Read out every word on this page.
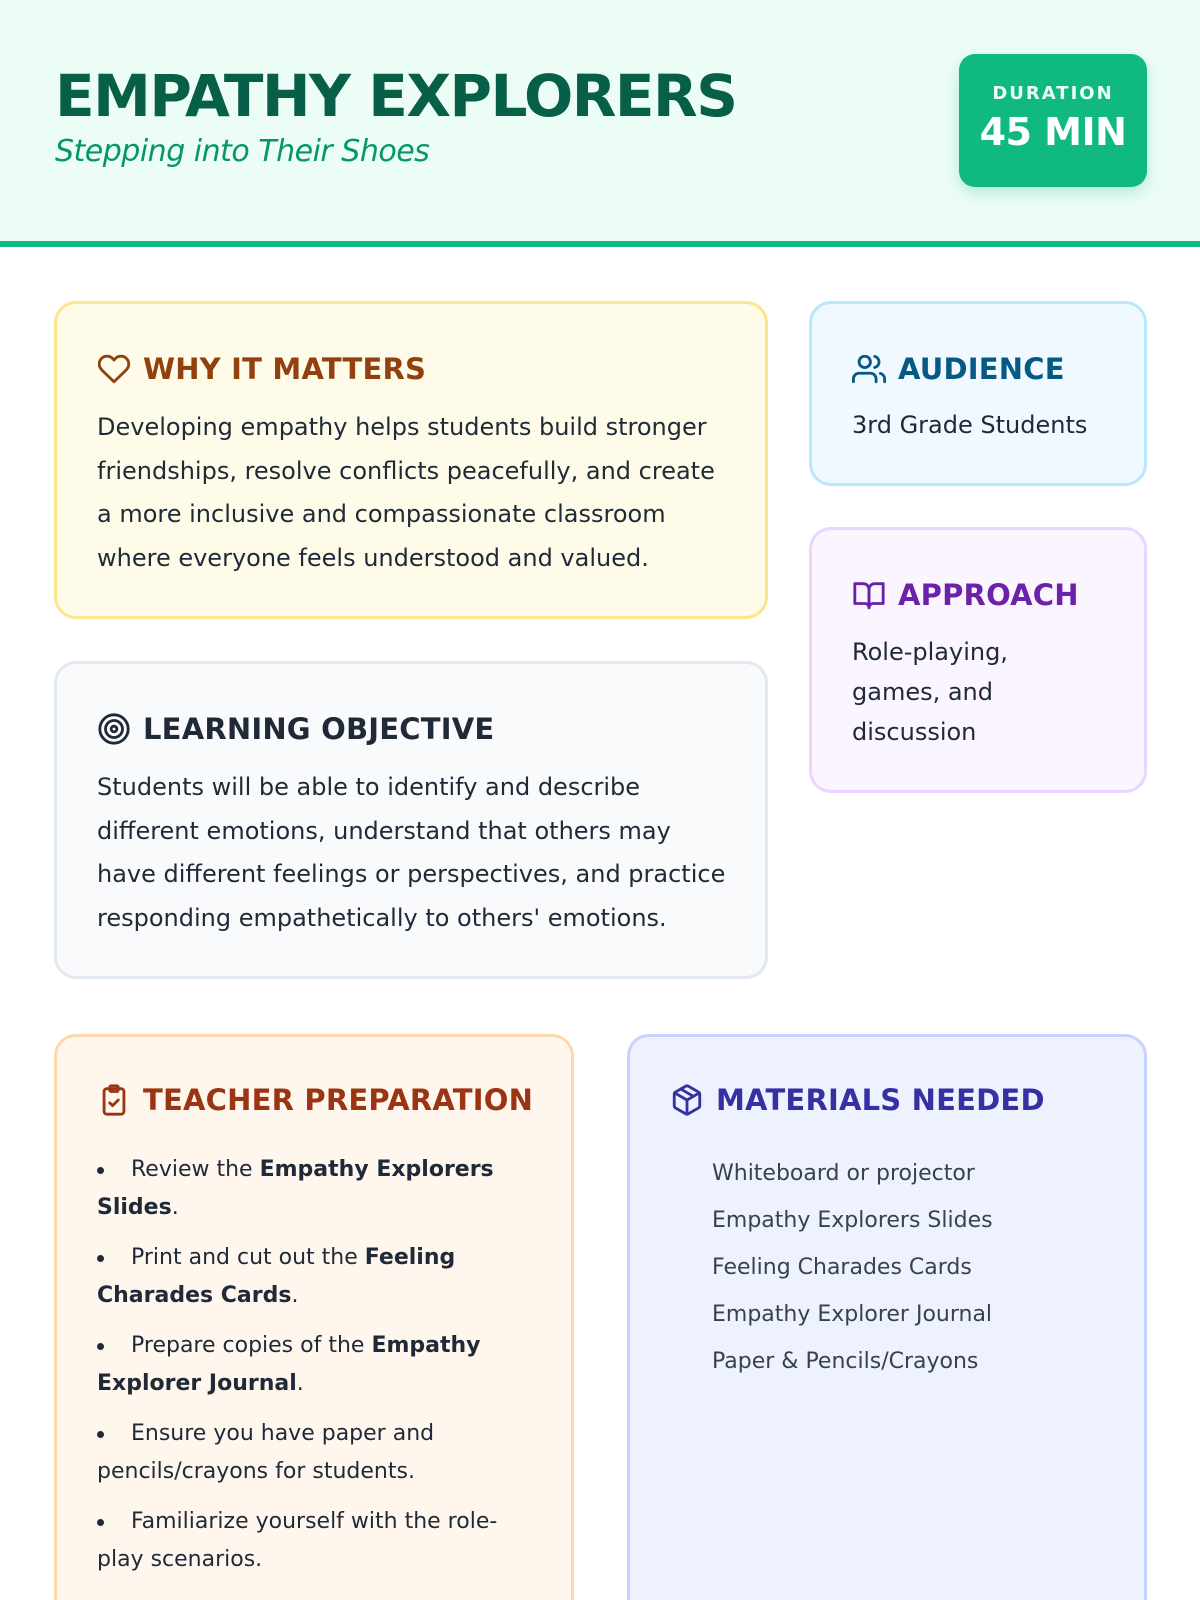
EMPATHY EXPLORERS
Stepping into Their Shoes
DURATION
45 MIN
WHY IT MATTERS

Developing empathy helps students build stronger friendships, resolve conflicts peacefully, and create a more inclusive and compassionate classroom where everyone feels understood and valued.

LEARNING OBJECTIVE

Students will be able to identify and describe different emotions, understand that others may have different feelings or perspectives, and practice responding empathetically to others' emotions.

AUDIENCE

3rd Grade Students

APPROACH

Role-playing, games, and discussion

TEACHER PREPARATION
Review the Empathy Explorers Slides.
Print and cut out the Feeling Charades Cards.
Prepare copies of the Empathy Explorer Journal.
Ensure you have paper and pencils/crayons for students.
Familiarize yourself with the role-play scenarios.
MATERIALS NEEDED
Whiteboard or projector
Empathy Explorers Slides
Feeling Charades Cards
Empathy Explorer Journal
Paper & Pencils/Crayons
